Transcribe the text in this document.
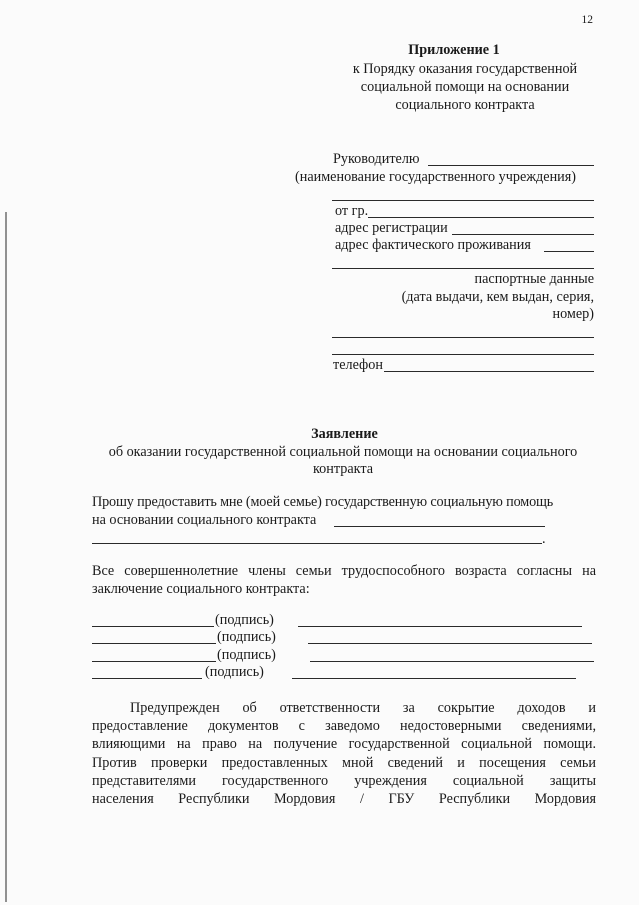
12
Приложение 1
к Порядку оказания государственной
социальной помощи на основании
социального контракта
Руководителю
(наименование государственного учреждения)
от гр.
адрес регистрации
адрес фактического проживания
паспортные данные
(дата выдачи, кем выдан, серия,
номер)
телефон
Заявление
об оказании государственной социальной помощи на основании социального
контракта
Прошу предоставить мне (моей семье) государственную социальную помощь
на основании социального контракта
.
Все совершеннолетние члены семьи трудоспособного возраста согласны на
заключение социального контракта:
(подпись)
(подпись)
(подпись)
(подпись)
Предупрежден об ответственности за сокрытие доходов и
предоставление документов с заведомо недостоверными сведениями,
влияющими на право на получение государственной социальной помощи.
Против проверки предоставленных мной сведений и посещения семьи
представителями государственного учреждения социальной защиты
населения Республики Мордовия / ГБУ Республики Мордовия
